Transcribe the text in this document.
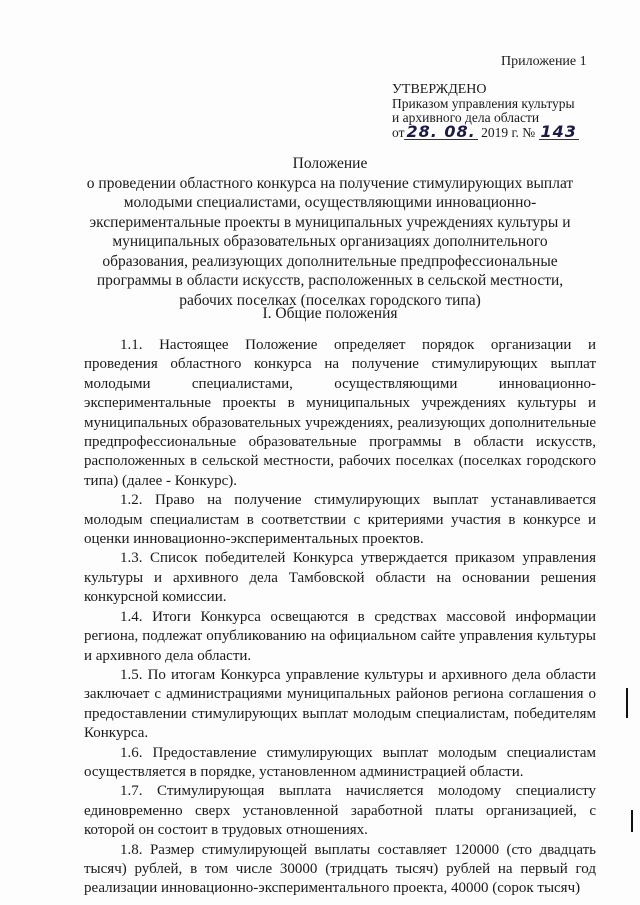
Приложение 1
УТВЕРЖДЕНО
Приказом управления культуры
и архивного дела области
от 28. 08. 2019 г. № 143
Положение
о проведении областного конкурса на получение стимулирующих выплат
молодыми специалистами, осуществляющими инновационно-
экспериментальные проекты в муниципальных учреждениях культуры и
муниципальных образовательных организациях дополнительного
образования, реализующих дополнительные предпрофессиональные
программы в области искусств, расположенных в сельской местности,
рабочих поселках (поселках городского типа)
I. Общие положения

1.1. Настоящее Положение определяет порядок организации и проведения областного конкурса на получение стимулирующих выплат молодыми специалистами, осуществляющими инновационно-экспериментальные проекты в муниципальных учреждениях культуры и муниципальных образовательных учреждениях, реализующих дополнительные предпрофессиональные образовательные программы в области искусств, расположенных в сельской местности, рабочих поселках (поселках городского типа) (далее - Конкурс).

1.2. Право на получение стимулирующих выплат устанавливается молодым специалистам в соответствии с критериями участия в конкурсе и оценки инновационно-экспериментальных проектов.

1.3. Список победителей Конкурса утверждается приказом управления культуры и архивного дела Тамбовской области на основании решения конкурсной комиссии.

1.4. Итоги Конкурса освещаются в средствах массовой информации региона, подлежат опубликованию на официальном сайте управления культуры и архивного дела области.

1.5. По итогам Конкурса управление культуры и архивного дела области заключает с администрациями муниципальных районов региона соглашения о предоставлении стимулирующих выплат молодым специалистам, победителям Конкурса.

1.6. Предоставление стимулирующих выплат молодым специалистам осуществляется в порядке, установленном администрацией области.

1.7. Стимулирующая выплата начисляется молодому специалисту единовременно сверх установленной заработной платы организацией, с которой он состоит в трудовых отношениях.

1.8. Размер стимулирующей выплаты составляет 120000 (сто двадцать тысяч) рублей, в том числе 30000 (тридцать тысяч) рублей на первый год реализации инновационно-экспериментального проекта, 40000 (сорок тысяч)
